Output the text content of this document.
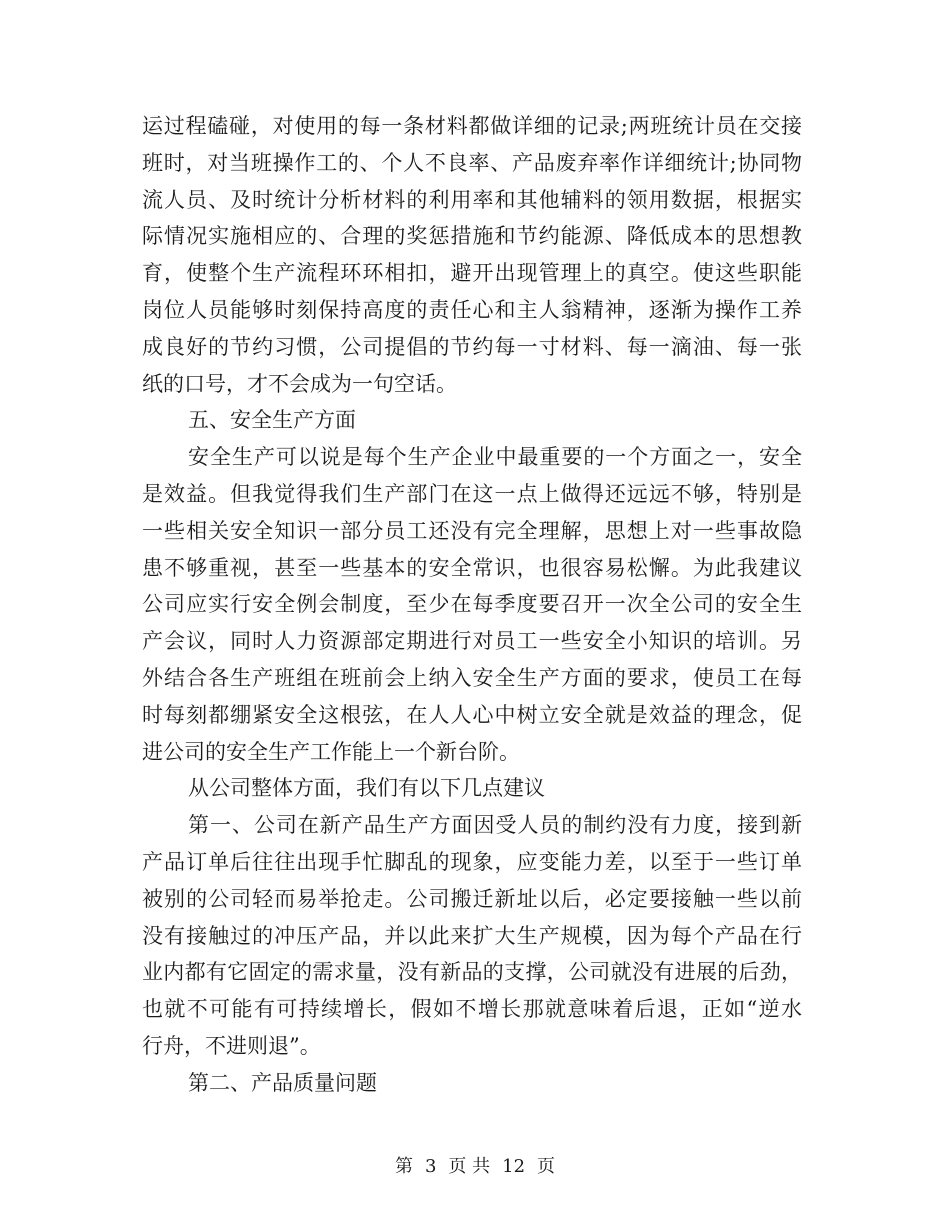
运过程磕碰，对使用的每一条材料都做详细的记录;两班统计员在交接
班时，对当班操作工的、个人不良率、产品废弃率作详细统计;协同物
流人员、及时统计分析材料的利用率和其他辅料的领用数据，根据实
际情况实施相应的、合理的奖惩措施和节约能源、降低成本的思想教
育，使整个生产流程环环相扣，避开出现管理上的真空。使这些职能
岗位人员能够时刻保持高度的责任心和主人翁精神，逐渐为操作工养
成良好的节约习惯，公司提倡的节约每一寸材料、每一滴油、每一张
纸的口号，才不会成为一句空话。
五、安全生产方面
安全生产可以说是每个生产企业中最重要的一个方面之一，安全
是效益。但我觉得我们生产部门在这一点上做得还远远不够，特别是
一些相关安全知识一部分员工还没有完全理解，思想上对一些事故隐
患不够重视，甚至一些基本的安全常识，也很容易松懈。为此我建议
公司应实行安全例会制度，至少在每季度要召开一次全公司的安全生
产会议，同时人力资源部定期进行对员工一些安全小知识的培训。另
外结合各生产班组在班前会上纳入安全生产方面的要求，使员工在每
时每刻都绷紧安全这根弦，在人人心中树立安全就是效益的理念，促
进公司的安全生产工作能上一个新台阶。
从公司整体方面，我们有以下几点建议
第一、公司在新产品生产方面因受人员的制约没有力度，接到新
产品订单后往往出现手忙脚乱的现象，应变能力差，以至于一些订单
被别的公司轻而易举抢走。公司搬迁新址以后，必定要接触一些以前
没有接触过的冲压产品，并以此来扩大生产规模，因为每个产品在行
业内都有它固定的需求量，没有新品的支撑，公司就没有进展的后劲，
也就不可能有可持续增长，假如不增长那就意味着后退，正如“逆水
行舟，不进则退”。
第二、产品质量问题
第 3 页 共 12 页
